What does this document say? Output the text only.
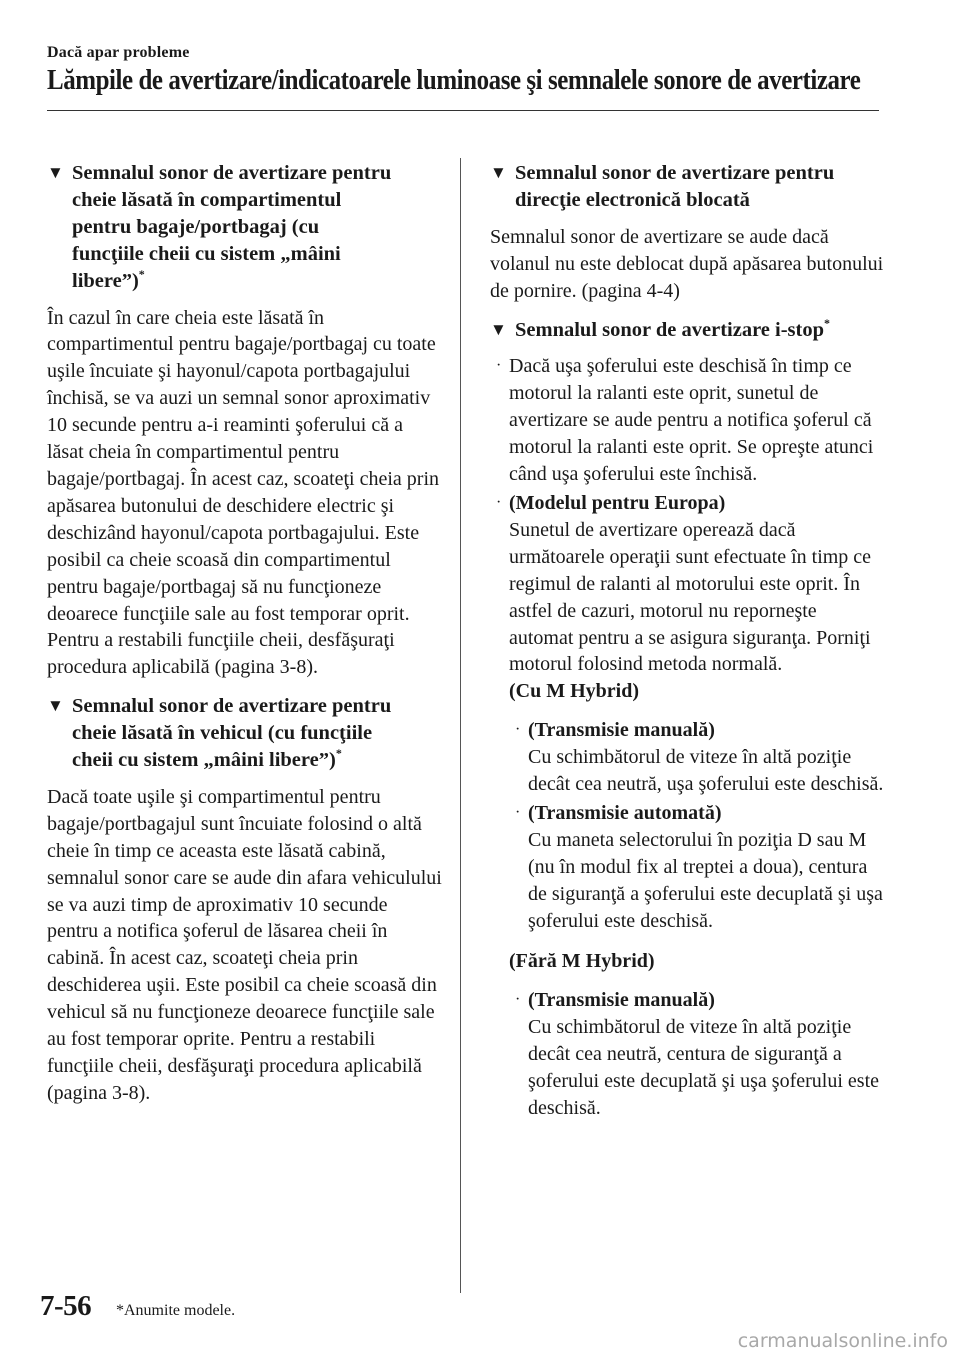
Dacă apar probleme
Lămpile de avertizare/indicatoarele luminoase şi semnalele sonore de avertizare
▼ Semnalul sonor de avertizare pentru
cheie lăsată în compartimentul
pentru bagaje/portbagaj (cu
funcţiile cheii cu sistem „mâini
libere”)*

În cazul în care cheia este lăsată în compartimentul pentru bagaje/portbagaj cu toate uşile încuiate şi hayonul/capota portbagajului închisă, se va auzi un semnal sonor aproximativ 10 secunde pentru a-i reaminti şoferului că a lăsat cheia în compartimentul pentru bagaje/portbagaj. În acest caz, scoateţi cheia prin apăsarea butonului de deschidere electric şi deschizând hayonul/capota portbagajului. Este posibil ca cheie scoasă din compartimentul pentru bagaje/portbagaj să nu funcţioneze deoarece funcţiile sale au fost temporar oprit. Pentru a restabili funcţiile cheii, desfăşuraţi procedura aplicabilă (pagina 3-8).

▼ Semnalul sonor de avertizare pentru
cheie lăsată în vehicul (cu funcţiile
cheii cu sistem „mâini libere”)*

Dacă toate uşile şi compartimentul pentru bagaje/portbagajul sunt încuiate folosind o altă cheie în timp ce aceasta este lăsată cabină, semnalul sonor care se aude din afara vehiculului se va auzi timp de aproximativ 10 secunde pentru a notifica şoferul de lăsarea cheii în cabină. În acest caz, scoateţi cheia prin deschiderea uşii. Este posibil ca cheie scoasă din vehicul să nu funcţioneze deoarece funcţiile sale au fost temporar oprite. Pentru a restabili funcţiile cheii, desfăşuraţi procedura aplicabilă (pagina 3-8).

▼ Semnalul sonor de avertizare pentru
direcţie electronică blocată

Semnalul sonor de avertizare se aude dacă volanul nu este deblocat după apăsarea butonului de pornire. (pagina 4-4)

▼ Semnalul sonor de avertizare i-stop*
· Dacă uşa şoferului este deschisă în timp ce motorul la ralanti este oprit, sunetul de avertizare se aude pentru a notifica şoferul că motorul la ralanti este oprit. Se opreşte atunci când uşa şoferului este închisă.
· (Modelul pentru Europa)
Sunetul de avertizare operează dacă următoarele operaţii sunt efectuate în timp ce regimul de ralanti al motorului este oprit. În astfel de cazuri, motorul nu reporneşte automat pentru a se asigura siguranţa. Porniţi motorul folosind metoda normală.
(Cu M Hybrid)
· (Transmisie manuală)
Cu schimbătorul de viteze în altă poziţie decât cea neutră, uşa şoferului este deschisă.
· (Transmisie automată)
Cu maneta selectorului în poziţia D sau M (nu în modul fix al treptei a doua), centura de siguranţă a şoferului este decuplată şi uşa şoferului este deschisă.
(Fără M Hybrid)
· (Transmisie manuală)
Cu schimbătorul de viteze în altă poziţie decât cea neutră, centura de siguranţă a şoferului este decuplată şi uşa şoferului este deschisă.
7-56 *Anumite modele.
carmanualsonline.info
